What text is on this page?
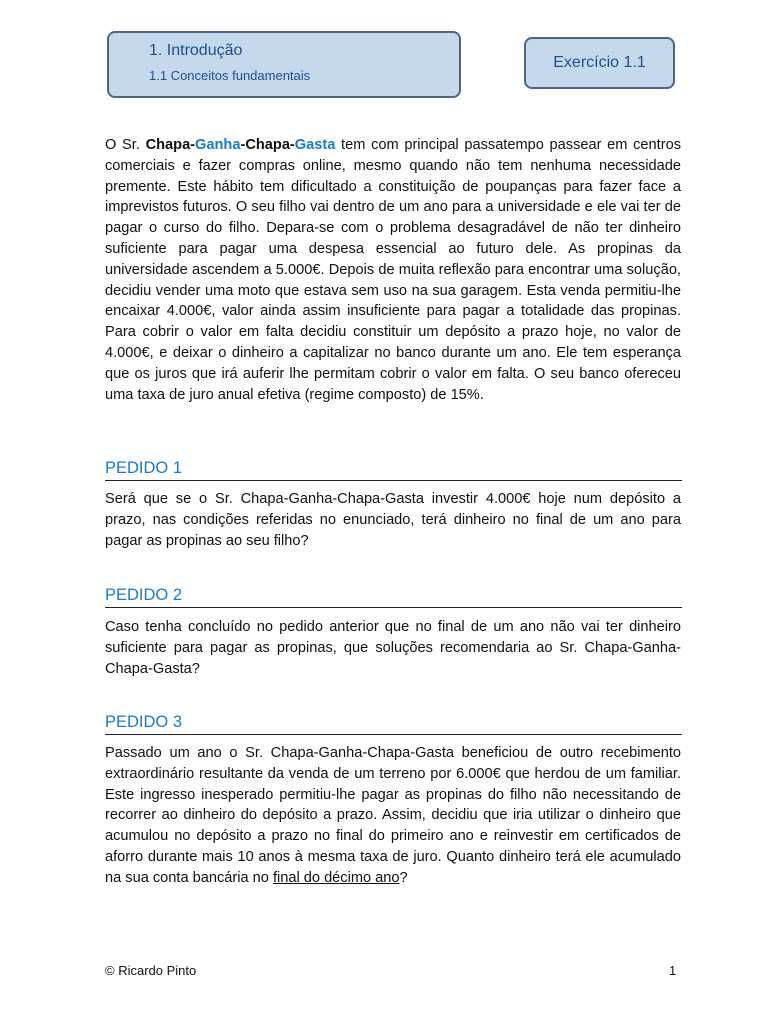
1. Introdução
1.1 Conceitos fundamentais
Exercício 1.1
O Sr. Chapa-Ganha-Chapa-Gasta tem com principal passatempo passear em centros comerciais e fazer compras online, mesmo quando não tem nenhuma necessidade premente. Este hábito tem dificultado a constituição de poupanças para fazer face a imprevistos futuros. O seu filho vai dentro de um ano para a universidade e ele vai ter de pagar o curso do filho. Depara-se com o problema desagradável de não ter dinheiro suficiente para pagar uma despesa essencial ao futuro dele. As propinas da universidade ascendem a 5.000€. Depois de muita reflexão para encontrar uma solução, decidiu vender uma moto que estava sem uso na sua garagem. Esta venda permitiu-lhe encaixar 4.000€, valor ainda assim insuficiente para pagar a totalidade das propinas. Para cobrir o valor em falta decidiu constituir um depósito a prazo hoje, no valor de 4.000€, e deixar o dinheiro a capitalizar no banco durante um ano. Ele tem esperança que os juros que irá auferir lhe permitam cobrir o valor em falta. O seu banco ofereceu uma taxa de juro anual efetiva (regime composto) de 15%.
PEDIDO 1
Será que se o Sr. Chapa-Ganha-Chapa-Gasta investir 4.000€ hoje num depósito a prazo, nas condições referidas no enunciado, terá dinheiro no final de um ano para pagar as propinas ao seu filho?
PEDIDO 2
Caso tenha concluído no pedido anterior que no final de um ano não vai ter dinheiro suficiente para pagar as propinas, que soluções recomendaria ao Sr. Chapa-Ganha-Chapa-Gasta?
PEDIDO 3
Passado um ano o Sr. Chapa-Ganha-Chapa-Gasta beneficiou de outro recebimento extraordinário resultante da venda de um terreno por 6.000€ que herdou de um familiar. Este ingresso inesperado permitiu-lhe pagar as propinas do filho não necessitando de recorrer ao dinheiro do depósito a prazo. Assim, decidiu que iria utilizar o dinheiro que acumulou no depósito a prazo no final do primeiro ano e reinvestir em certificados de aforro durante mais 10 anos à mesma taxa de juro. Quanto dinheiro terá ele acumulado na sua conta bancária no final do décimo ano?
© Ricardo Pinto	1
